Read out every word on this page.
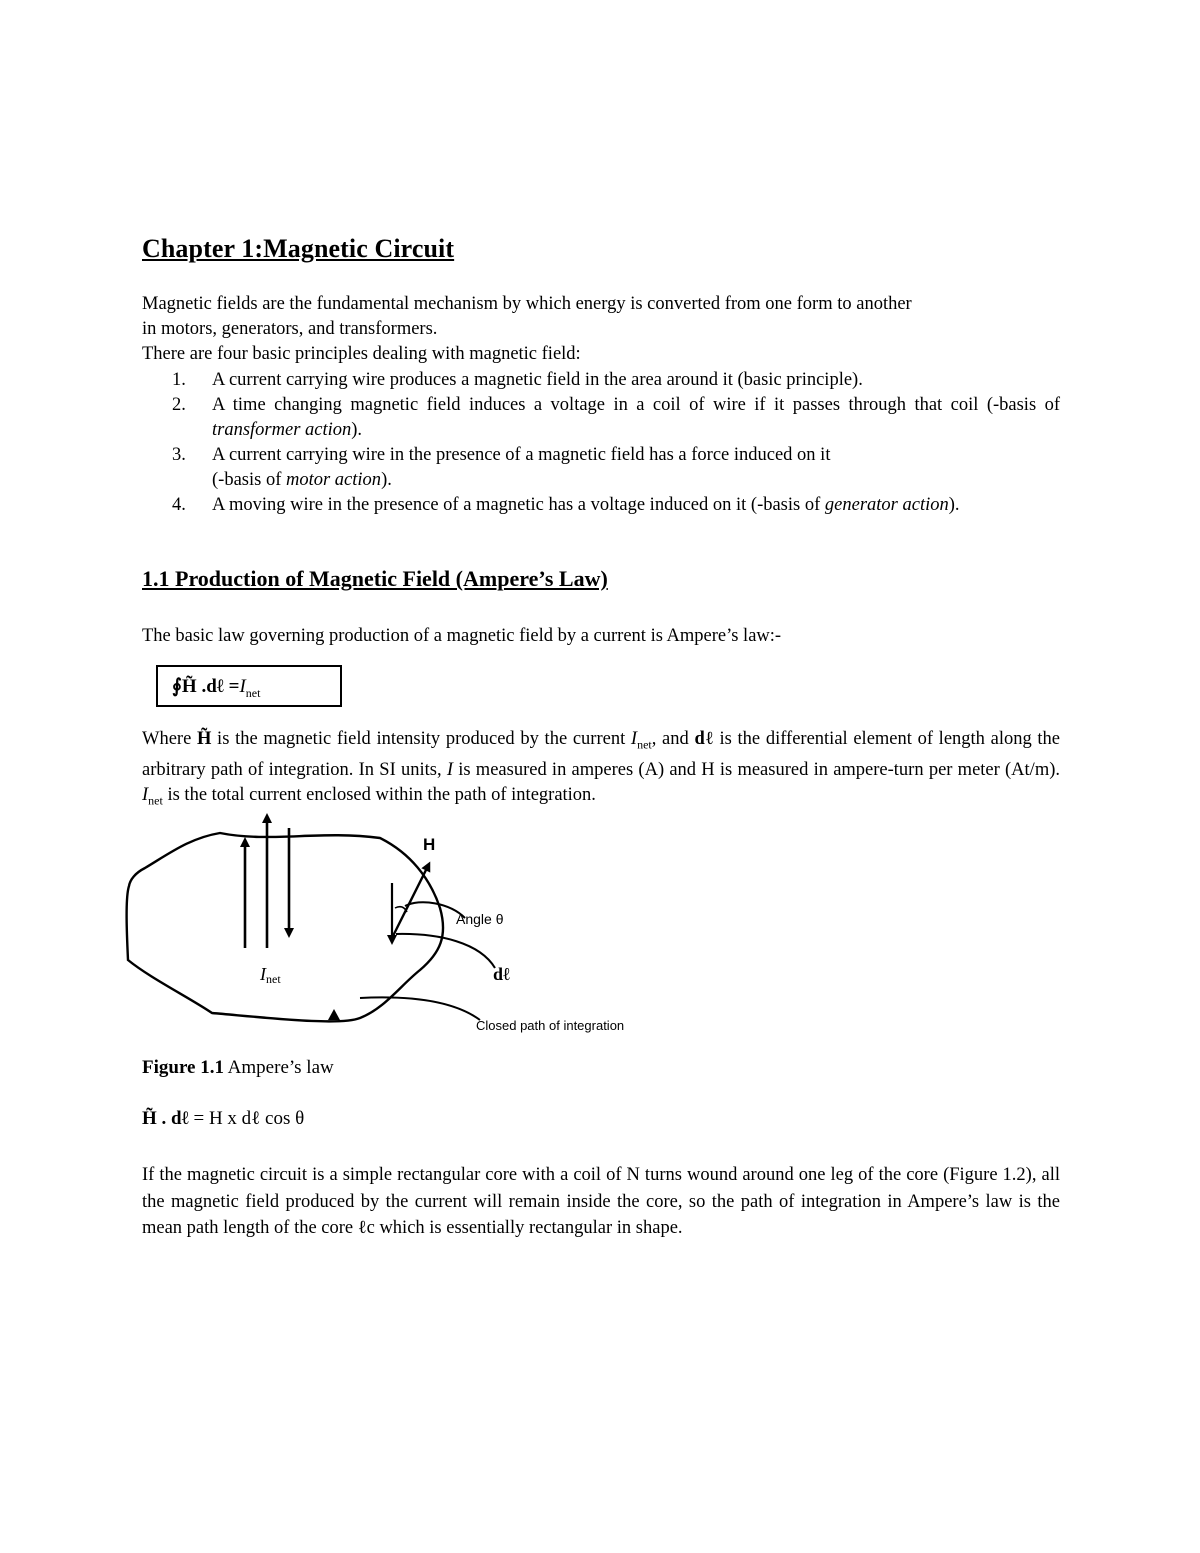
Chapter 1:Magnetic Circuit

Magnetic fields are the fundamental mechanism by which energy is converted from one form to another
in motors, generators, and transformers.
There are four basic principles dealing with magnetic field:

1. A current carrying wire produces a magnetic field in the area around it (basic principle).
2. A time changing magnetic field induces a voltage in a coil of wire if it passes through that coil (-basis of transformer action).
3. A current carrying wire in the presence of a magnetic field has a force induced on it
(-basis of motor action).
4. A moving wire in the presence of a magnetic has a voltage induced on it (-basis of generator action).
1.1 Production of Magnetic Field (Ampere’s Law)

The basic law governing production of a magnetic field by a current is Ampere’s law:-

∮H̃ .dℓ $=I_{net}$

Where H̃ is the magnetic field intensity produced by the current $I_{net}$, and dℓ is the differential element of length along the arbitrary path of integration. In SI units, I is measured in amperes (A) and H is measured in ampere-turn per meter (At/m). $I_{net}$ is the total current enclosed within the path of integration.

H
Angle θ
dℓ
Inet
Closed path of integration

Figure 1.1 Ampere’s law

H̃ . dℓ = H x dℓ cos θ

If the magnetic circuit is a simple rectangular core with a coil of N turns wound around one leg of the core (Figure 1.2), all the magnetic field produced by the current will remain inside the core, so the path of integration in Ampere’s law is the mean path length of the core ℓc which is essentially rectangular in shape.
